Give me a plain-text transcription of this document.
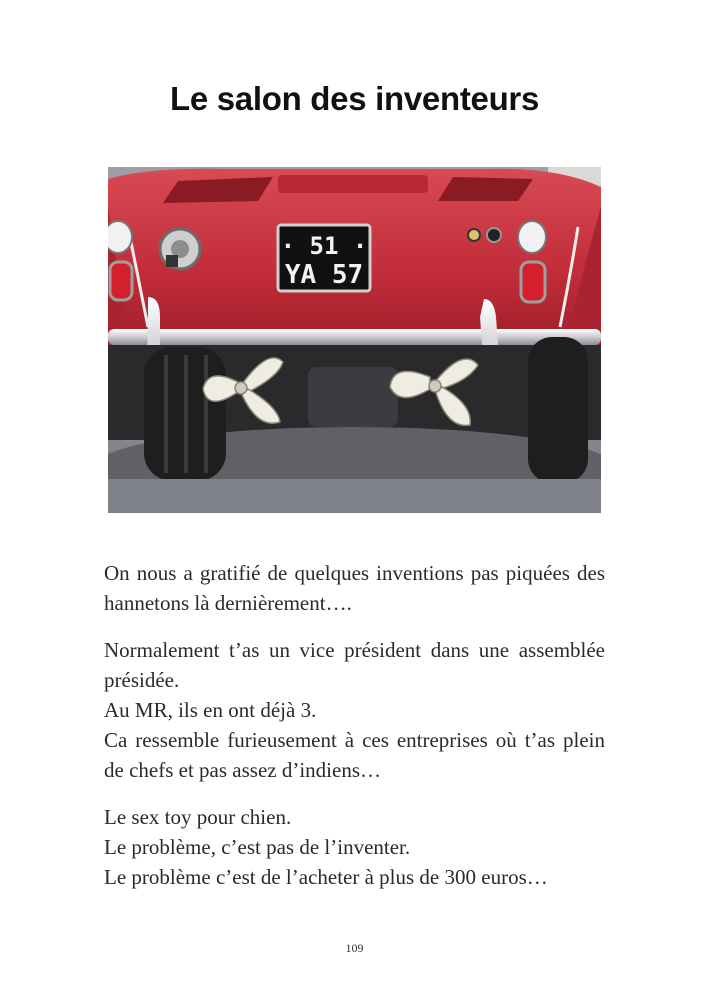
Le salon des inventeurs
· 51 ·
YA 57

On nous a gratifié de quelques inventions pas piquées des hannetons là dernièrement….

Normalement t’as un vice président dans une assemblée présidée.
Au MR, ils en ont déjà 3.
Ca ressemble furieusement à ces entreprises où t’as plein de chefs et pas assez d’indiens…

Le sex toy pour chien.
Le problème, c’est pas de l’inventer.
Le problème c’est de l’acheter à plus de 300 euros…

109
